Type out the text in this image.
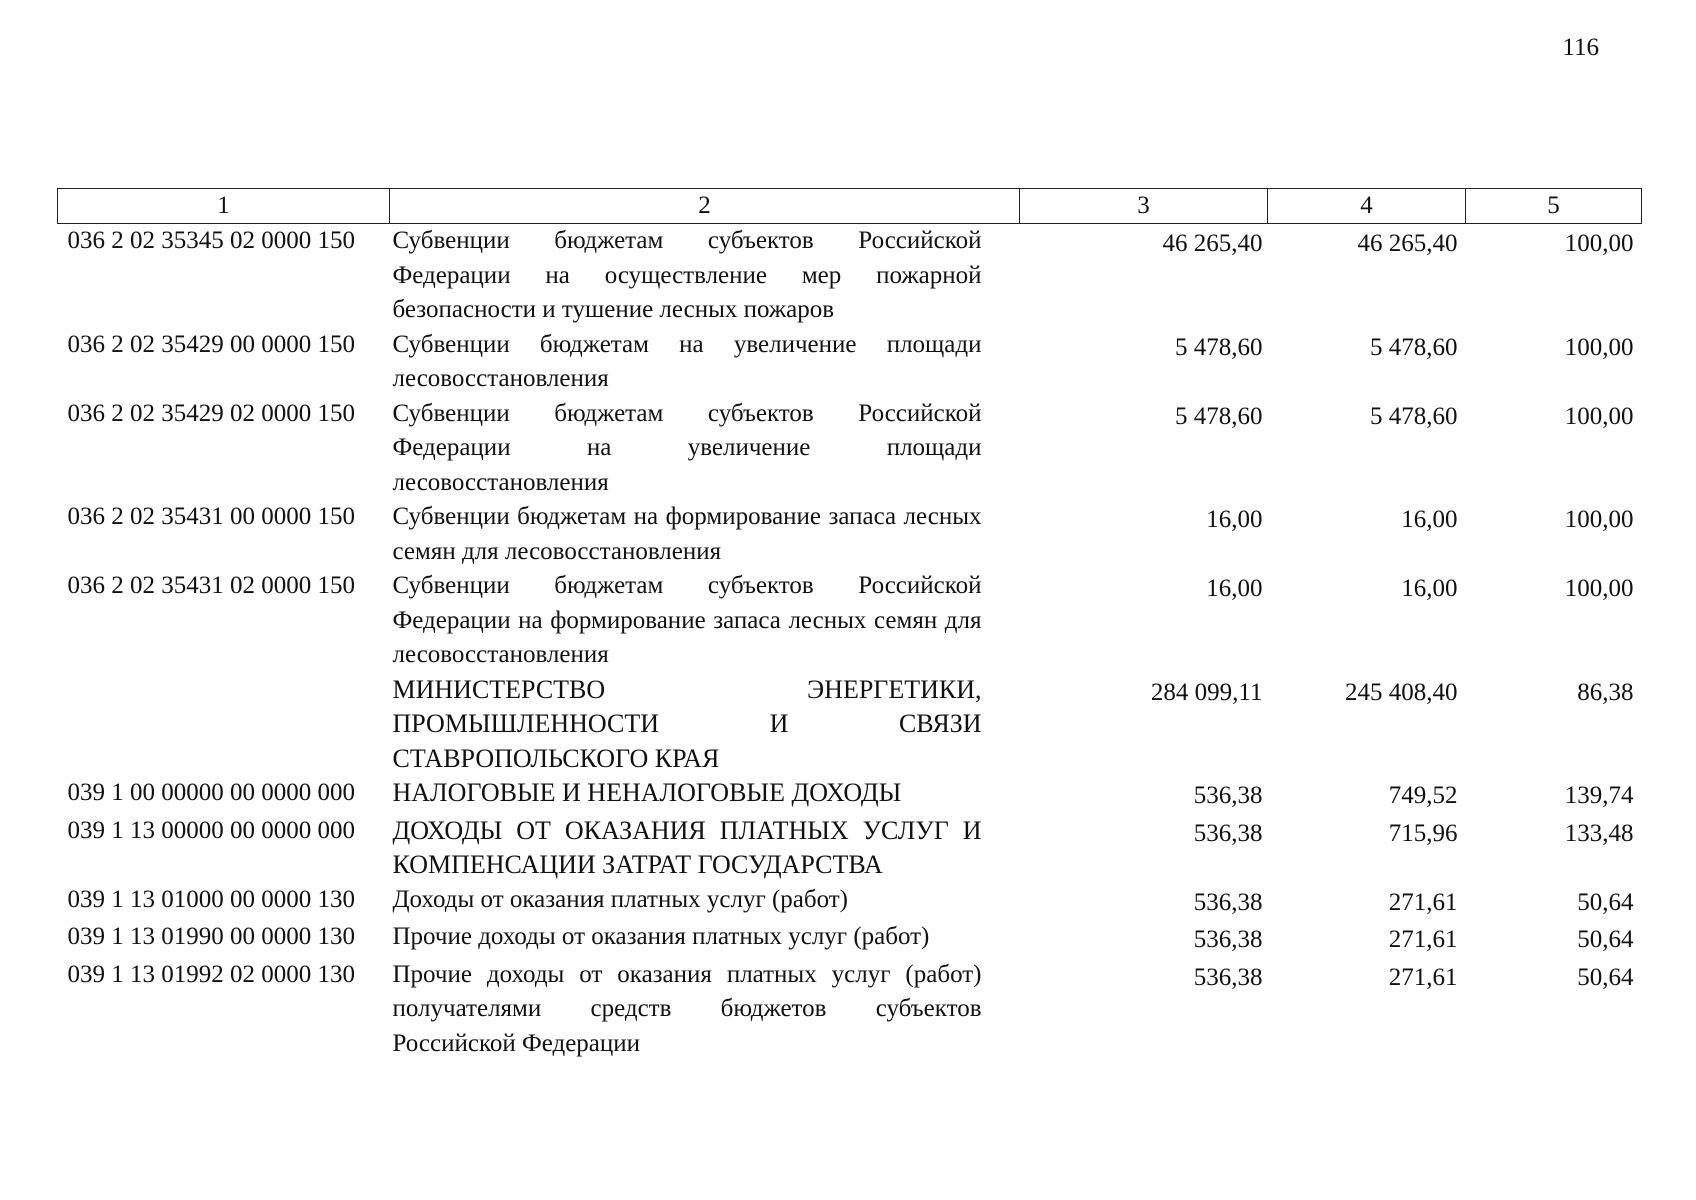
116
1	2	3	4	5
036 2 02 35345 02 0000 150	Субвенции бюджетам субъектов Российской Федерации на осуществление мер пожарной безопасности и тушение лесных пожаров	46 265,40	46 265,40	100,00
036 2 02 35429 00 0000 150	Субвенции бюджетам на увеличение площади лесовосстановления	5 478,60	5 478,60	100,00
036 2 02 35429 02 0000 150	Субвенции бюджетам субъектов Российской Федерации на увеличение площади лесовосстановления	5 478,60	5 478,60	100,00
036 2 02 35431 00 0000 150	Субвенции бюджетам на формирование запаса лесных семян для лесовосстановления	16,00	16,00	100,00
036 2 02 35431 02 0000 150	Субвенции бюджетам субъектов Российской Федерации на формирование запаса лесных семян для лесовосстановления	16,00	16,00	100,00
	МИНИСТЕРСТВО ЭНЕРГЕТИКИ, ПРОМЫШЛЕННОСТИ И СВЯЗИ СТАВРОПОЛЬСКОГО КРАЯ	284 099,11	245 408,40	86,38
039 1 00 00000 00 0000 000	НАЛОГОВЫЕ И НЕНАЛОГОВЫЕ ДОХОДЫ	536,38	749,52	139,74
039 1 13 00000 00 0000 000	ДОХОДЫ ОТ ОКАЗАНИЯ ПЛАТНЫХ УСЛУГ И КОМПЕНСАЦИИ ЗАТРАТ ГОСУДАРСТВА	536,38	715,96	133,48
039 1 13 01000 00 0000 130	Доходы от оказания платных услуг (работ)	536,38	271,61	50,64
039 1 13 01990 00 0000 130	Прочие доходы от оказания платных услуг (работ)	536,38	271,61	50,64
039 1 13 01992 02 0000 130	Прочие доходы от оказания платных услуг (работ) получателями средств бюджетов субъектов Российской Федерации	536,38	271,61	50,64
